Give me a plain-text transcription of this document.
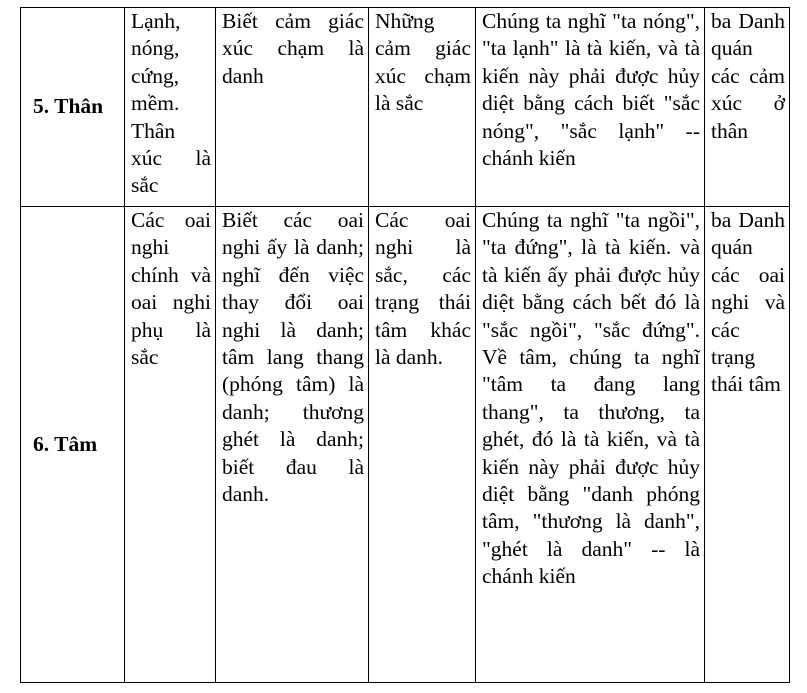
5. Thân	Lạnh, nóng, cứng, mềm. Thân xúc là sắc	Biết cảm giác xúc chạm là danh	Những cảm giác xúc chạm là sắc	Chúng ta nghĩ "ta nóng", "ta lạnh" là tà kiến, và tà kiến này phải được hủy diệt bằng cách biết "sắc nóng", "sắc lạnh" -- chánh kiến	ba Danh quán các cảm xúc ở thân

6. Tâm	Các oai nghi chính và oai nghi phụ là sắc	Biết các oai nghi ấy là danh; nghĩ đến việc thay đổi oai nghi là danh; tâm lang thang (phóng tâm) là danh; thương ghét là danh; biết đau là danh.	Các oai nghi là sắc, các trạng thái tâm khác là danh.	Chúng ta nghĩ "ta ngồi", "ta đứng", là tà kiến. và tà kiến ấy phải được hủy diệt bằng cách bết đó là "sắc ngồi", "sắc đứng". Về tâm, chúng ta nghĩ "tâm ta đang lang thang", ta thương, ta ghét, đó là tà kiến, và tà kiến này phải được hủy diệt bằng "danh phóng tâm, "thương là danh", "ghét là danh" -- là chánh kiến	ba Danh quán các oai nghi và các trạng thái tâm
